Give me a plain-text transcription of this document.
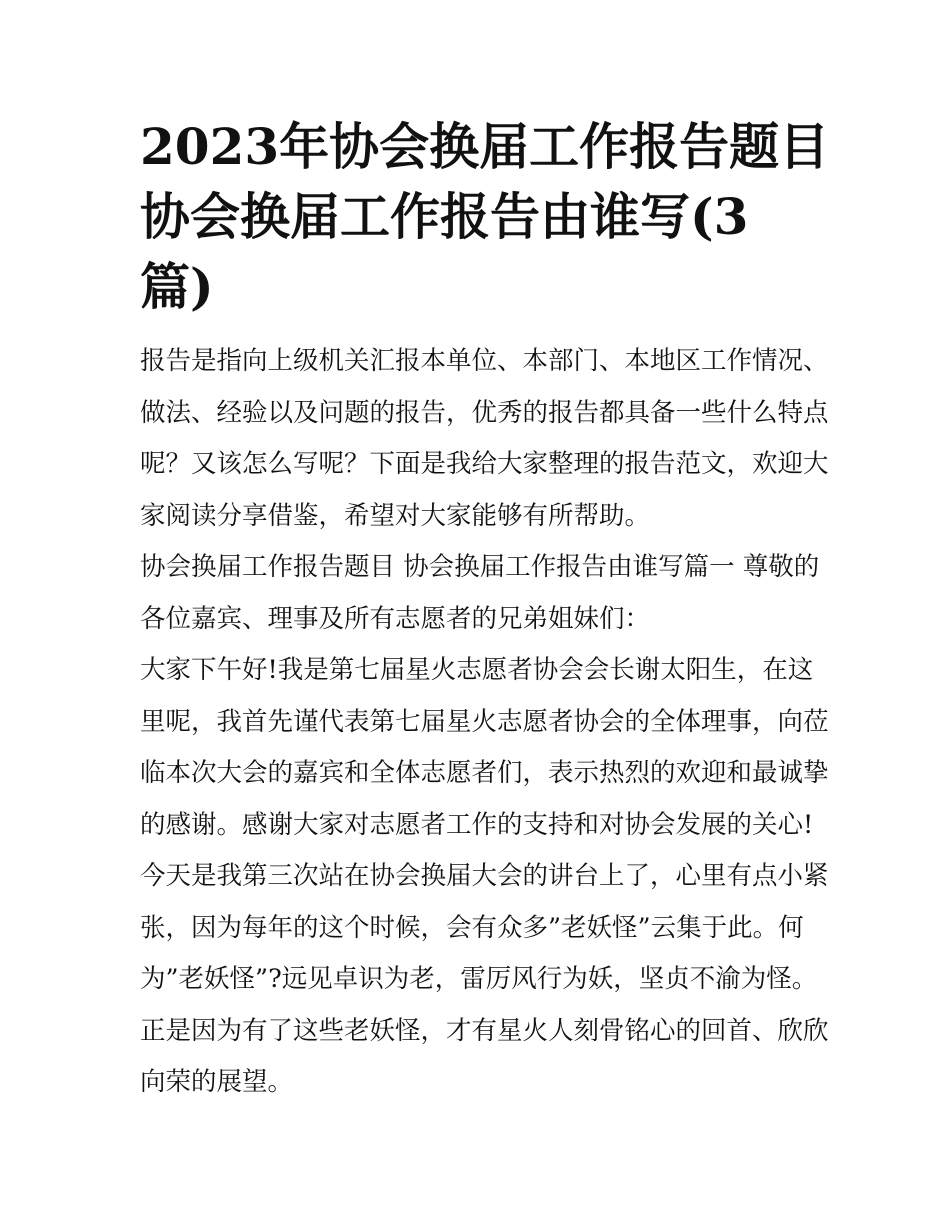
2023年协会换届工作报告题目
协会换届工作报告由谁写(3
篇)

报告是指向上级机关汇报本单位、本部门、本地区工作情况、
做法、经验以及问题的报告，优秀的报告都具备一些什么特点
呢？又该怎么写呢？下面是我给大家整理的报告范文，欢迎大
家阅读分享借鉴，希望对大家能够有所帮助。

协会换届工作报告题目 协会换届工作报告由谁写篇一 尊敬的
各位嘉宾、理事及所有志愿者的兄弟姐妹们：

大家下午好!我是第七届星火志愿者协会会长谢太阳生，在这
里呢，我首先谨代表第七届星火志愿者协会的全体理事，向莅
临本次大会的嘉宾和全体志愿者们，表示热烈的欢迎和最诚挚
的感谢。感谢大家对志愿者工作的支持和对协会发展的关心!

今天是我第三次站在协会换届大会的讲台上了，心里有点小紧
张，因为每年的这个时候，会有众多”老妖怪”云集于此。何
为”老妖怪”?远见卓识为老，雷厉风行为妖，坚贞不渝为怪。
正是因为有了这些老妖怪，才有星火人刻骨铭心的回首、欣欣
向荣的展望。
